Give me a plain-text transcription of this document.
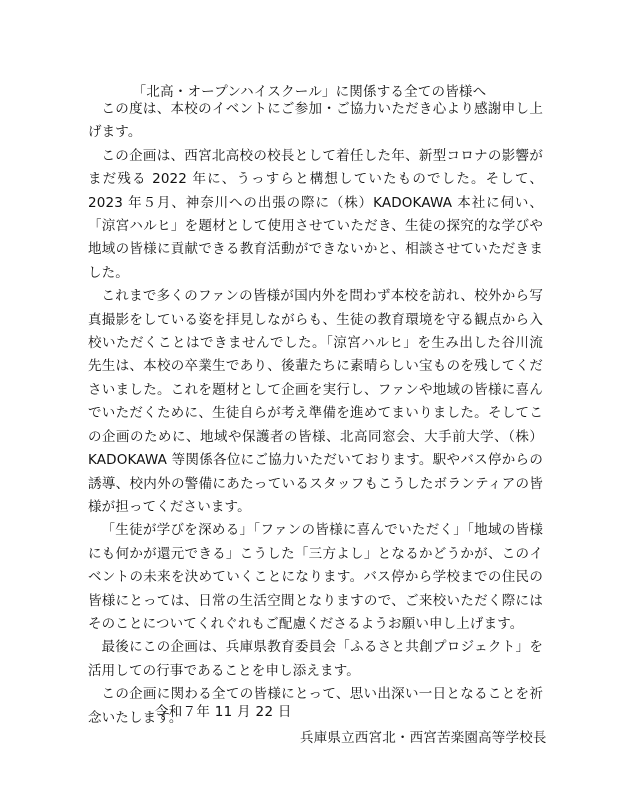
「北高・オープンハイスクール」に関係する全ての皆様へ

この度は、本校のイベントにご参加・ご協力いただき心より感謝申し上げます。

この企画は、西宮北高校の校長として着任した年、新型コロナの影響がまだ残る 2022 年に、うっすらと構想していたものでした。そして、2023 年５月、神奈川への出張の際に（株）KADOKAWA 本社に伺い、「涼宮ハルヒ」を題材として使用させていただき、生徒の探究的な学びや地域の皆様に貢献できる教育活動ができないかと、相談させていただきました。

これまで多くのファンの皆様が国内外を問わず本校を訪れ、校外から写真撮影をしている姿を拝見しながらも、生徒の教育環境を守る観点から入校いただくことはできませんでした。「涼宮ハルヒ」を生み出した谷川流先生は、本校の卒業生であり、後輩たちに素晴らしい宝ものを残してくださいました。これを題材として企画を実行し、ファンや地域の皆様に喜んでいただくために、生徒自らが考え準備を進めてまいりました。そしてこの企画のために、地域や保護者の皆様、北高同窓会、大手前大学、（株）KADOKAWA 等関係各位にご協力いただいております。駅やバス停からの誘導、校内外の警備にあたっているスタッフもこうしたボランティアの皆様が担ってくださいます。

「生徒が学びを深める」「ファンの皆様に喜んでいただく」「地域の皆様にも何かが還元できる」こうした「三方よし」となるかどうかが、このイベントの未来を決めていくことになります。バス停から学校までの住民の皆様にとっては、日常の生活空間となりますので、ご来校いただく際にはそのことについてくれぐれもご配慮くださるようお願い申し上げます。

最後にこの企画は、兵庫県教育委員会「ふるさと共創プロジェクト」を活用しての行事であることを申し添えます。

この企画に関わる全ての皆様にとって、思い出深い一日となることを祈念いたします。

令和７年 11 月 22 日
兵庫県立西宮北・西宮苦楽園高等学校長
